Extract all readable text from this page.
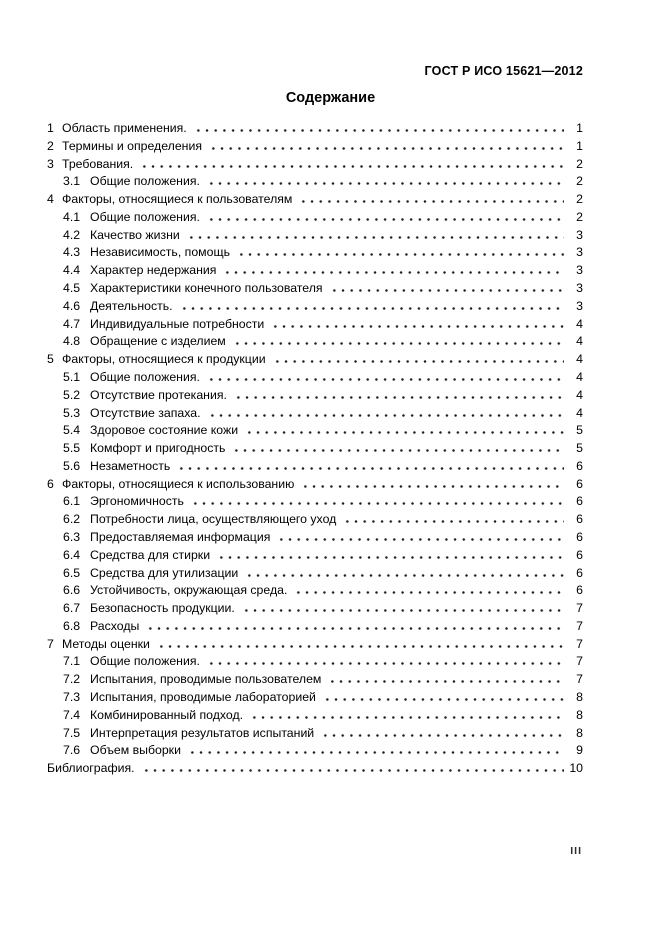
ГОСТ Р ИСО 15621—2012
Содержание
1 Область применения.	1
2 Термины и определения	1
3 Требования.	2
3.1 Общие положения.	2
4 Факторы, относящиеся к пользователям	2
4.1 Общие положения.	2
4.2 Качество жизни	3
4.3 Независимость, помощь	3
4.4 Характер недержания	3
4.5 Характеристики конечного пользователя	3
4.6 Деятельность.	3
4.7 Индивидуальные потребности	4
4.8 Обращение с изделием	4
5 Факторы, относящиеся к продукции	4
5.1 Общие положения.	4
5.2 Отсутствие протекания.	4
5.3 Отсутствие запаха.	4
5.4 Здоровое состояние кожи	5
5.5 Комфорт и пригодность	5
5.6 Незаметность	6
6 Факторы, относящиеся к использованию	6
6.1 Эргономичность	6
6.2 Потребности лица, осуществляющего уход	6
6.3 Предоставляемая информация	6
6.4 Средства для стирки	6
6.5 Средства для утилизации	6
6.6 Устойчивость, окружающая среда.	6
6.7 Безопасность продукции.	7
6.8 Расходы	7
7 Методы оценки	7
7.1 Общие положения.	7
7.2 Испытания, проводимые пользователем	7
7.3 Испытания, проводимые лабораторией	8
7.4 Комбинированный подход.	8
7.5 Интерпретация результатов испытаний	8
7.6 Объем выборки	9
Библиография.	10
III
